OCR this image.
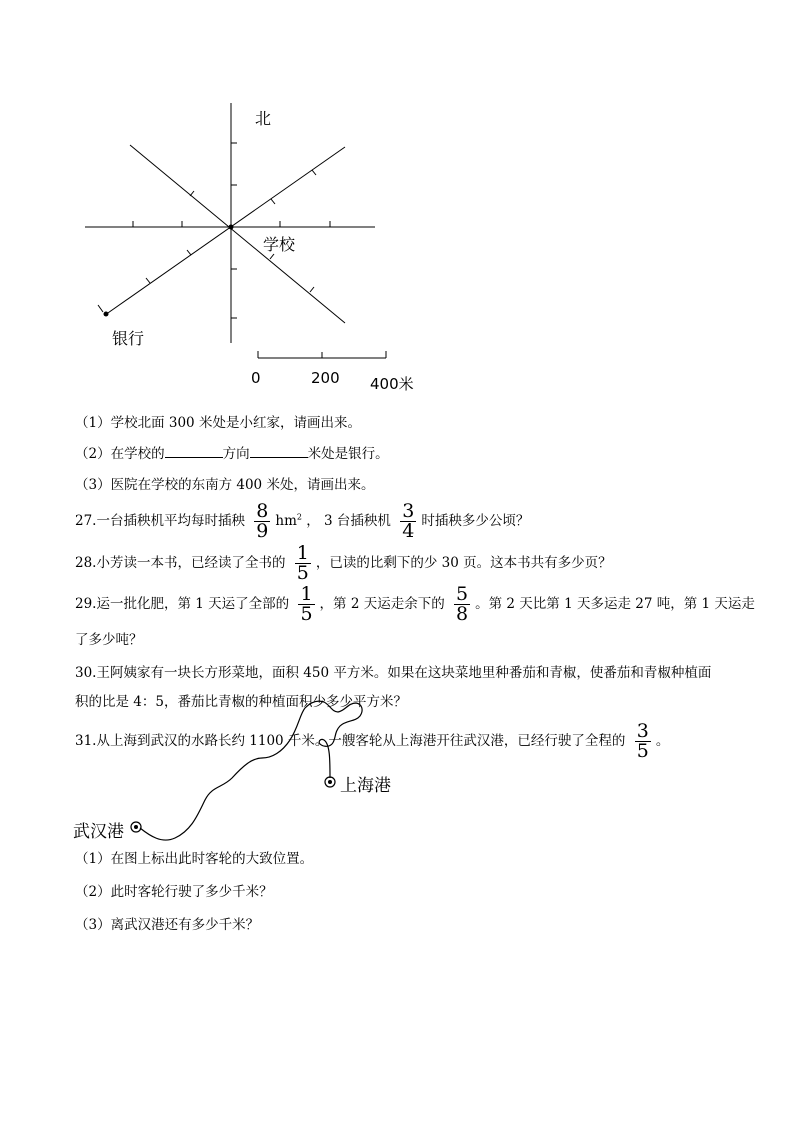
北
学校
银行
0	200 400米
（1）学校北面 300 米处是小红家，请画出来。
（2）在学校的	方向	米处是银行。
（3）医院在学校的东南方 400 米处，请画出来。
27.一台插秧机平均每时插秧 $\frac{8}{9} hm^2$ ， 3 台插秧机 $\frac{3}{4}$ 时插秧多少公顷？
28.小芳读一本书，已经读了全书的 $\frac{1}{5}$ ，已读的比剩下的少 30 页。这本书共有多少页？
29.运一批化肥，第 1 天运了全部的 $\frac{1}{5}$ ，第 2 天运走余下的 $\frac{5}{8}$ 。第 2 天比第 1 天多运走 27 吨，第 1 天运走
了多少吨？
30.王阿姨家有一块长方形菜地，面积 450 平方米。如果在这块菜地里种番茄和青椒，使番茄和青椒种植面
积的比是 4：5，番茄比青椒的种植面积少多少平方米？
31.从上海到武汉的水路长约 1100 千米。一艘客轮从上海港开往武汉港，已经行驶了全程的 $\frac{3}{5}$ 。
上海港
武汉港
（1）在图上标出此时客轮的大致位置。
（2）此时客轮行驶了多少千米？
（3）离武汉港还有多少千米？
